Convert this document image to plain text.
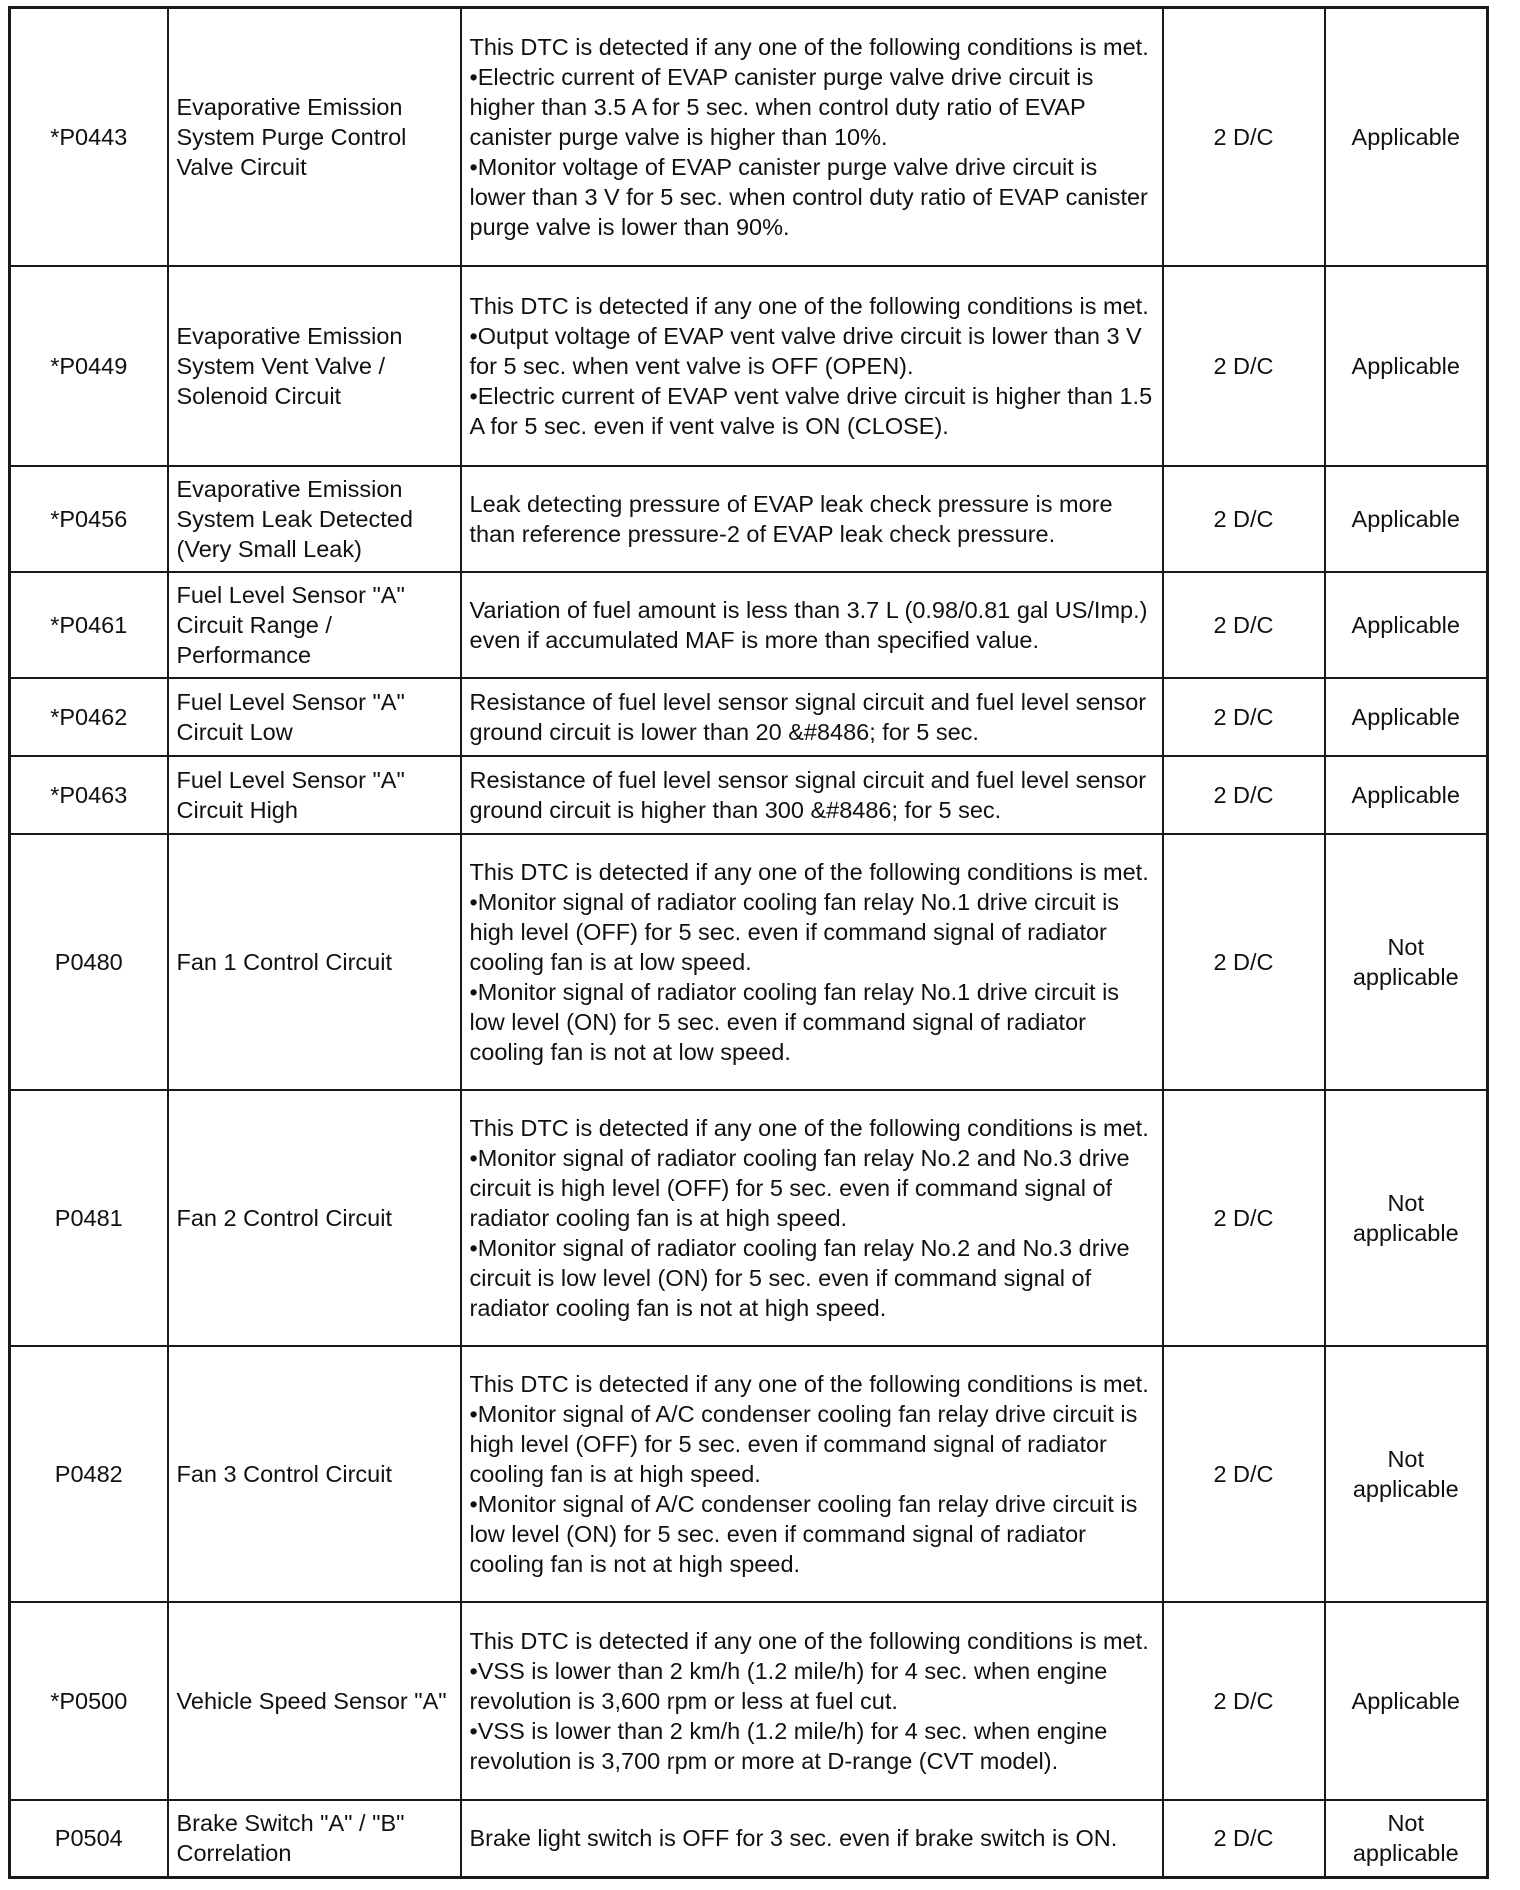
*P0443	Evaporative Emission System Purge Control Valve Circuit	This DTC is detected if any one of the following conditions is met.
•Electric current of EVAP canister purge valve drive circuit is higher than 3.5 A for 5 sec. when control duty ratio of EVAP canister purge valve is higher than 10%.
•Monitor voltage of EVAP canister purge valve drive circuit is lower than 3 V for 5 sec. when control duty ratio of EVAP canister purge valve is lower than 90%.	2 D/C	Applicable
*P0449	Evaporative Emission System Vent Valve / Solenoid Circuit	This DTC is detected if any one of the following conditions is met.
•Output voltage of EVAP vent valve drive circuit is lower than 3 V for 5 sec. when vent valve is OFF (OPEN).
•Electric current of EVAP vent valve drive circuit is higher than 1.5 A for 5 sec. even if vent valve is ON (CLOSE).	2 D/C	Applicable
*P0456	Evaporative Emission System Leak Detected (Very Small Leak)	Leak detecting pressure of EVAP leak check pressure is more than reference pressure-2 of EVAP leak check pressure.	2 D/C	Applicable
*P0461	Fuel Level Sensor "A" Circuit Range / Performance	Variation of fuel amount is less than 3.7 L (0.98/0.81 gal US/Imp.) even if accumulated MAF is more than specified value.	2 D/C	Applicable
*P0462	Fuel Level Sensor "A" Circuit Low	Resistance of fuel level sensor signal circuit and fuel level sensor ground circuit is lower than 20 &#8486; for 5 sec.	2 D/C	Applicable
*P0463	Fuel Level Sensor "A" Circuit High	Resistance of fuel level sensor signal circuit and fuel level sensor ground circuit is higher than 300 &#8486; for 5 sec.	2 D/C	Applicable
P0480	Fan 1 Control Circuit	This DTC is detected if any one of the following conditions is met.
•Monitor signal of radiator cooling fan relay No.1 drive circuit is high level (OFF) for 5 sec. even if command signal of radiator cooling fan is at low speed.
•Monitor signal of radiator cooling fan relay No.1 drive circuit is low level (ON) for 5 sec. even if command signal of radiator cooling fan is not at low speed.	2 D/C	Not applicable
P0481	Fan 2 Control Circuit	This DTC is detected if any one of the following conditions is met.
•Monitor signal of radiator cooling fan relay No.2 and No.3 drive circuit is high level (OFF) for 5 sec. even if command signal of radiator cooling fan is at high speed.
•Monitor signal of radiator cooling fan relay No.2 and No.3 drive circuit is low level (ON) for 5 sec. even if command signal of radiator cooling fan is not at high speed.	2 D/C	Not applicable
P0482	Fan 3 Control Circuit	This DTC is detected if any one of the following conditions is met.
•Monitor signal of A/C condenser cooling fan relay drive circuit is high level (OFF) for 5 sec. even if command signal of radiator cooling fan is at high speed.
•Monitor signal of A/C condenser cooling fan relay drive circuit is low level (ON) for 5 sec. even if command signal of radiator cooling fan is not at high speed.	2 D/C	Not applicable
*P0500	Vehicle Speed Sensor "A"	This DTC is detected if any one of the following conditions is met.
•VSS is lower than 2 km/h (1.2 mile/h) for 4 sec. when engine revolution is 3,600 rpm or less at fuel cut.
•VSS is lower than 2 km/h (1.2 mile/h) for 4 sec. when engine revolution is 3,700 rpm or more at D-range (CVT model).	2 D/C	Applicable
P0504	Brake Switch "A" / "B" Correlation	Brake light switch is OFF for 3 sec. even if brake switch is ON.	2 D/C	Not applicable
